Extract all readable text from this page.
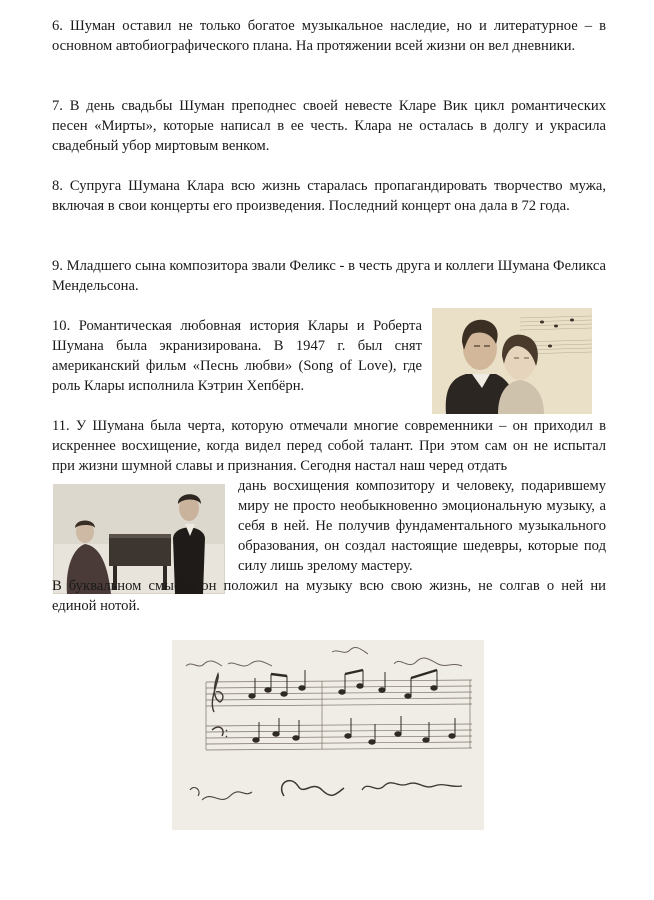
6. Шуман оставил не только богатое музыкальное наследие, но и литературное – в основном автобиографического плана. На протяжении всей жизни он вел дневники.

7. В день свадьбы Шуман преподнес своей невесте Кларе Вик цикл романтических песен «Мирты», которые написал в ее честь. Клара не осталась в долгу и украсила свадебный убор миртовым венком.

8. Супруга Шумана Клара всю жизнь старалась пропагандировать творчество мужа, включая в свои концерты его произведения. Последний концерт она дала в 72 года.

9. Младшего сына композитора звали Феликс - в честь друга и коллеги Шумана Феликса Мендельсона.

10. Романтическая любовная история Клары и Роберта Шумана была экранизирована. В 1947 г. был снят американский фильм «Песнь любви» (Song of Love), где роль Клары исполнила Кэтрин Хепбёрн.

11. У Шумана была черта, которую отмечали многие современники – он приходил в искреннее восхищение, когда видел перед собой талант. При этом сам он не испытал при жизни шумной славы и признания. Сегодня настал наш черед отдать

дань восхищения композитору и человеку, подарившему миру не просто необыкновенно эмоциональную музыку, а себя в ней. Не получив фундаментального музыкального образования, он создал настоящие шедевры, которые под силу лишь зрелому мастеру.

В буквальном смысле он положил на музыку всю свою жизнь, не солгав о ней ни единой нотой.
